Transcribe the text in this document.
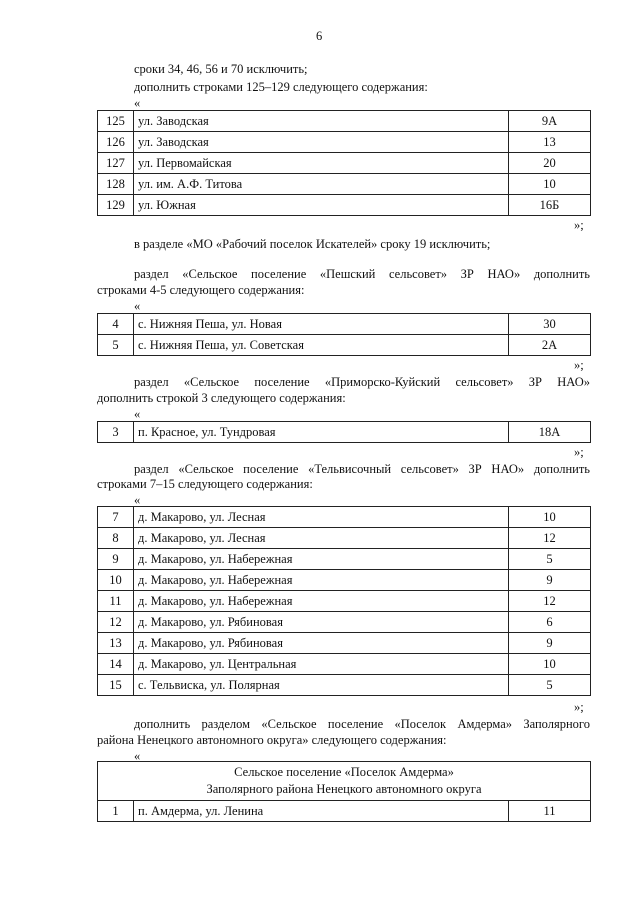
6
сроки 34, 46, 56 и 70 исключить;
дополнить строками 125–129 следующего содержания:
«
125	ул. Заводская	9А
126	ул. Заводская	13
127	ул. Первомайская	20
128	ул. им. А.Ф. Титова	10
129	ул. Южная	16Б
»;
в разделе «МО «Рабочий поселок Искателей» сроку 19 исключить;
раздел «Сельское поселение «Пешский сельсовет» ЗР НАО» дополнить
строками 4-5 следующего содержания:
«
4	с. Нижняя Пеша, ул. Новая	30
5	с. Нижняя Пеша, ул. Советская	2А
»;
раздел «Сельское поселение «Приморско-Куйский сельсовет» ЗР НАО»
дополнить строкой 3 следующего содержания:
«
3	п. Красное, ул. Тундровая	18А
»;
раздел «Сельское поселение «Тельвисочный сельсовет» ЗР НАО» дополнить
строками 7–15 следующего содержания:
«
7	д. Макарово, ул. Лесная	10
8	д. Макарово, ул. Лесная	12
9	д. Макарово, ул. Набережная	5
10	д. Макарово, ул. Набережная	9
11	д. Макарово, ул. Набережная	12
12	д. Макарово, ул. Рябиновая	6
13	д. Макарово, ул. Рябиновая	9
14	д. Макарово, ул. Центральная	10
15	с. Тельвиска, ул. Полярная	5
»;
дополнить разделом «Сельское поселение «Поселок Амдерма» Заполярного
района Ненецкого автономного округа» следующего содержания:
«
Сельское поселение «Поселок Амдерма»
Заполярного района Ненецкого автономного округа

1	п. Амдерма, ул. Ленина	11
